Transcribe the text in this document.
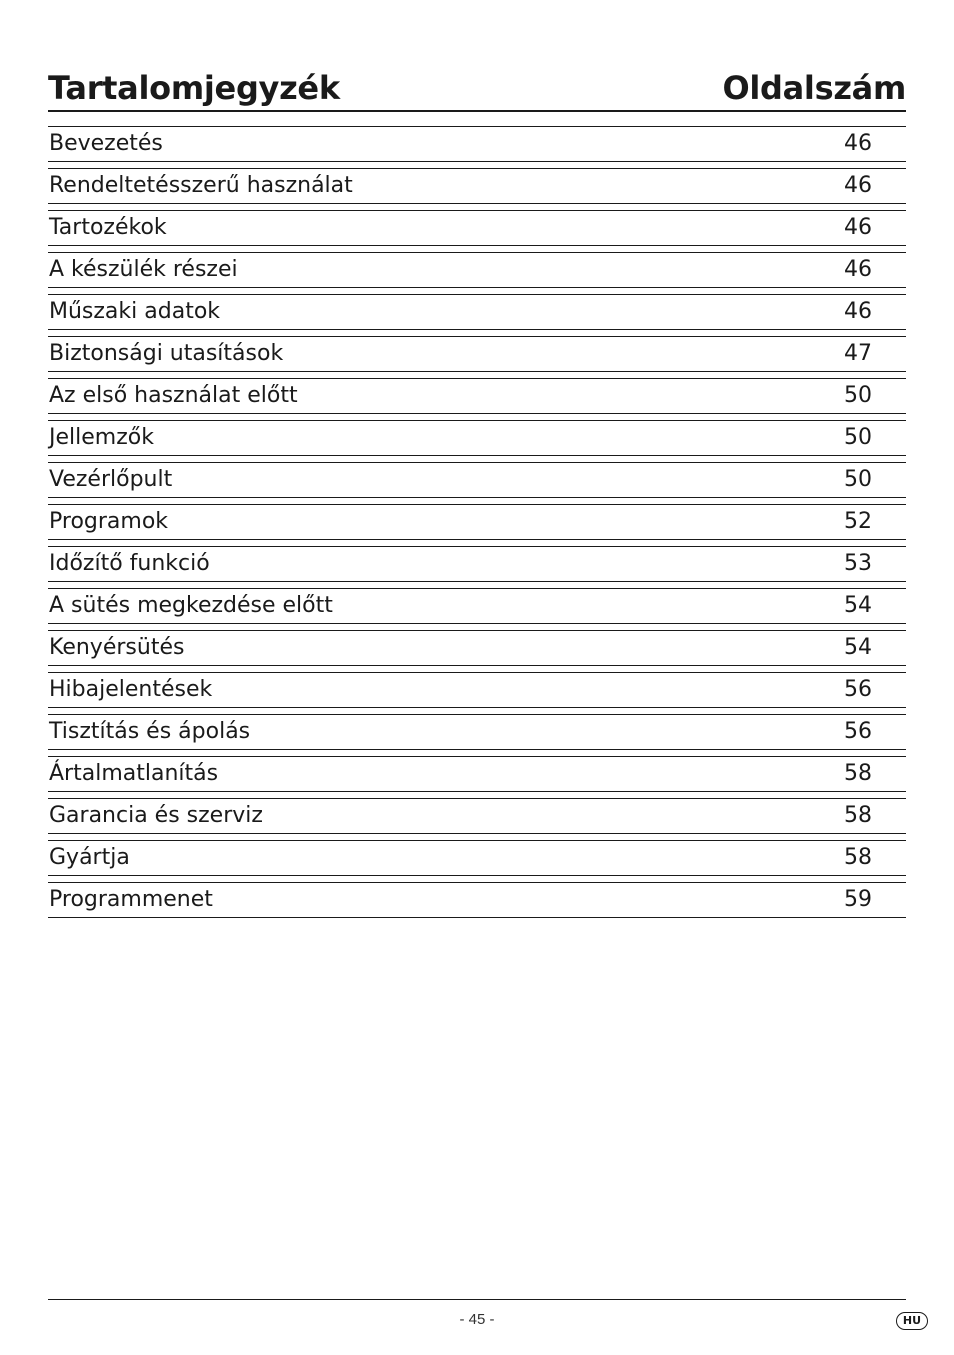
Tartalomjegyzék	Oldalszám
Bevezetés	46
Rendeltetésszerű használat	46
Tartozékok	46
A készülék részei	46
Műszaki adatok	46
Biztonsági utasítások	47
Az első használat előtt	50
Jellemzők	50
Vezérlőpult	50
Programok	52
Időzítő funkció	53
A sütés megkezdése előtt	54
Kenyérsütés	54
Hibajelentések	56
Tisztítás és ápolás	56
Ártalmatlanítás	58
Garancia és szerviz	58
Gyártja	58
Programmenet	59
- 45 -	HU
